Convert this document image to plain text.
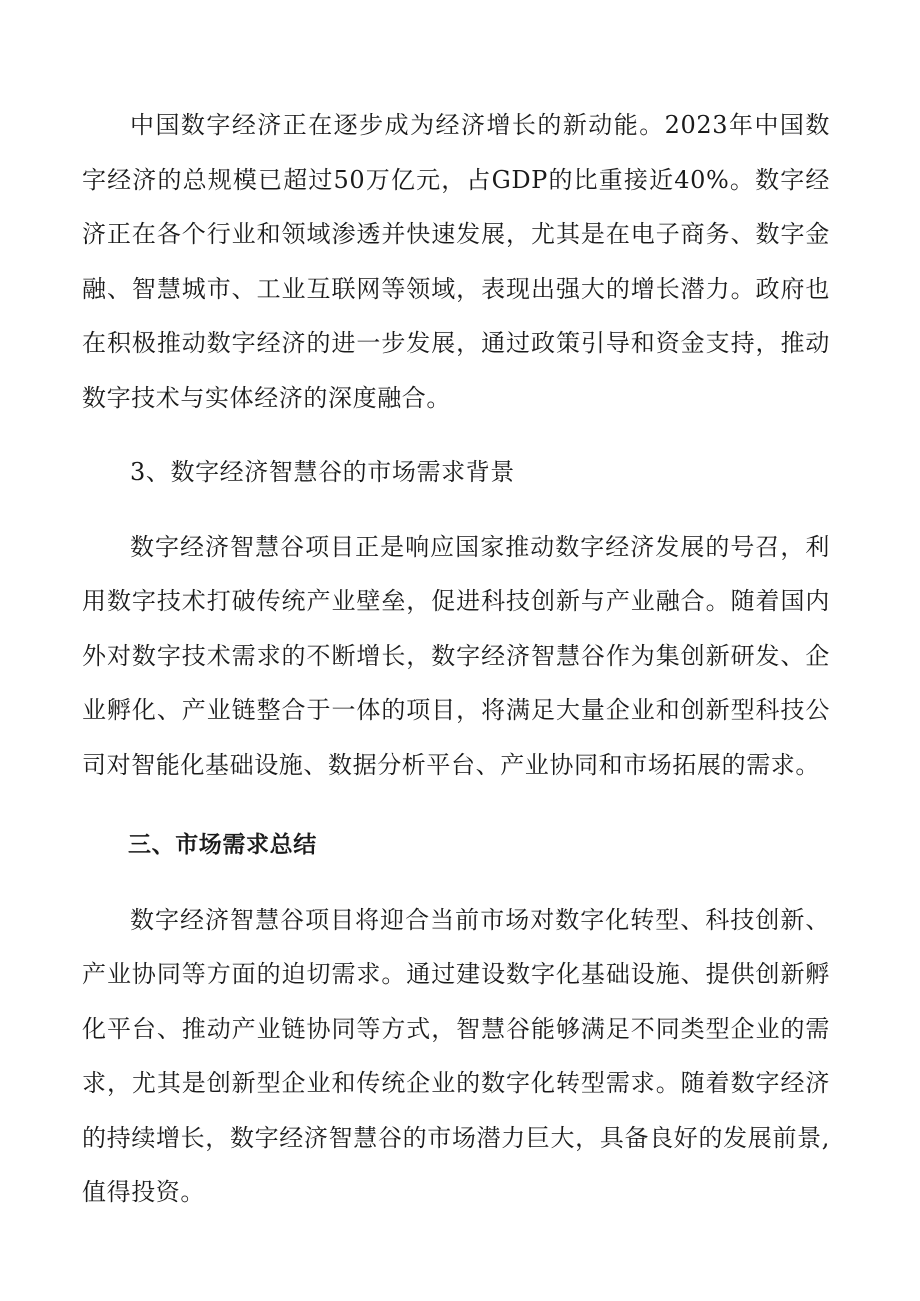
中国数字经济正在逐步成为经济增长的新动能。2023年中国数字经济的总规模已超过50万亿元，占GDP的比重接近40%。数字经济正在各个行业和领域渗透并快速发展，尤其是在电子商务、数字金融、智慧城市、工业互联网等领域，表现出强大的增长潜力。政府也在积极推动数字经济的进一步发展，通过政策引导和资金支持，推动数字技术与实体经济的深度融合。

3、数字经济智慧谷的市场需求背景

数字经济智慧谷项目正是响应国家推动数字经济发展的号召，利用数字技术打破传统产业壁垒，促进科技创新与产业融合。随着国内外对数字技术需求的不断增长，数字经济智慧谷作为集创新研发、企业孵化、产业链整合于一体的项目，将满足大量企业和创新型科技公司对智能化基础设施、数据分析平台、产业协同和市场拓展的需求。

三、市场需求总结

数字经济智慧谷项目将迎合当前市场对数字化转型、科技创新、产业协同等方面的迫切需求。通过建设数字化基础设施、提供创新孵化平台、推动产业链协同等方式，智慧谷能够满足不同类型企业的需求，尤其是创新型企业和传统企业的数字化转型需求。随着数字经济的持续增长，数字经济智慧谷的市场潜力巨大，具备良好的发展前景,值得投资。
